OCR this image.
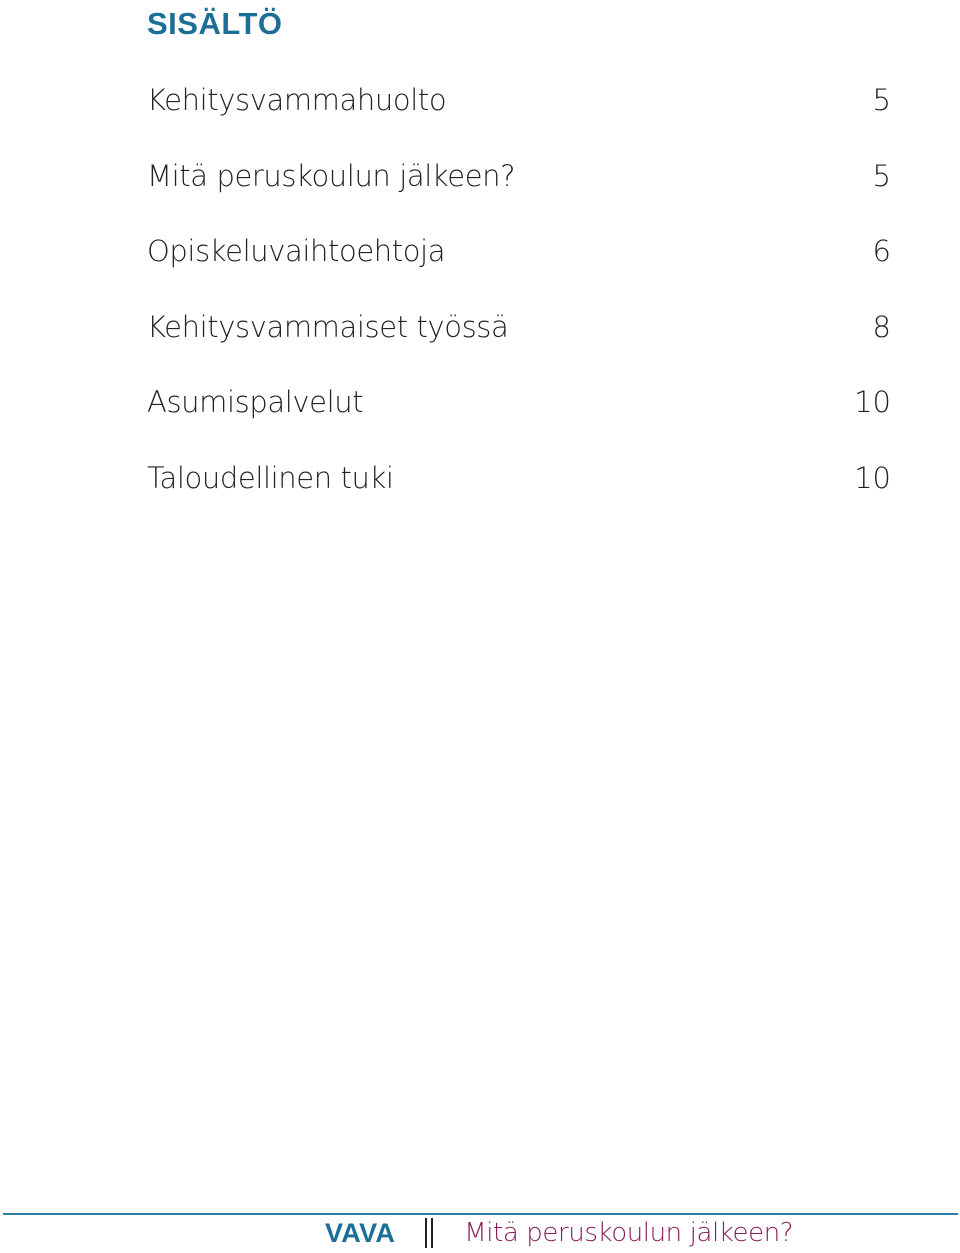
SISÄLTÖ
Kehitysvammahuolto	5
Mitä peruskoulun jälkeen?	5
Opiskeluvaihtoehtoja	6
Kehitysvammaiset työssä	8
Asumispalvelut	10
Taloudellinen tuki	10
VAVA	Mitä peruskoulun jälkeen?
